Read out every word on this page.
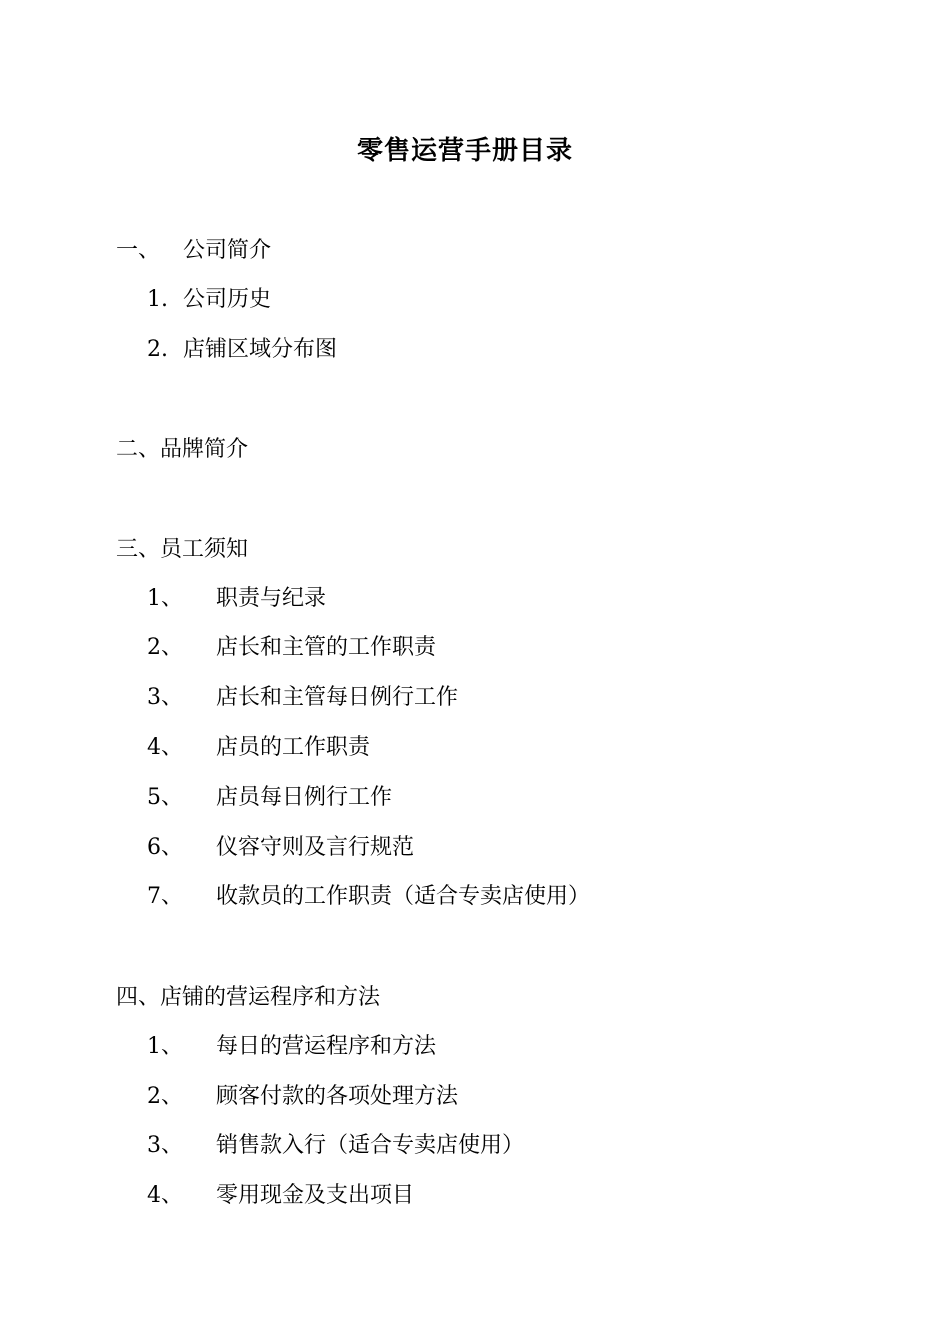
零售运营手册目录
一、 公司简介
1. 公司历史
2. 店铺区域分布图
二、品牌简介
三、员工须知
1、 职责与纪录
2、 店长和主管的工作职责
3、 店长和主管每日例行工作
4、 店员的工作职责
5、 店员每日例行工作
6、 仪容守则及言行规范
7、 收款员的工作职责（适合专卖店使用）
四、店铺的营运程序和方法
1、 每日的营运程序和方法
2、 顾客付款的各项处理方法
3、 销售款入行（适合专卖店使用）
4、 零用现金及支出项目
